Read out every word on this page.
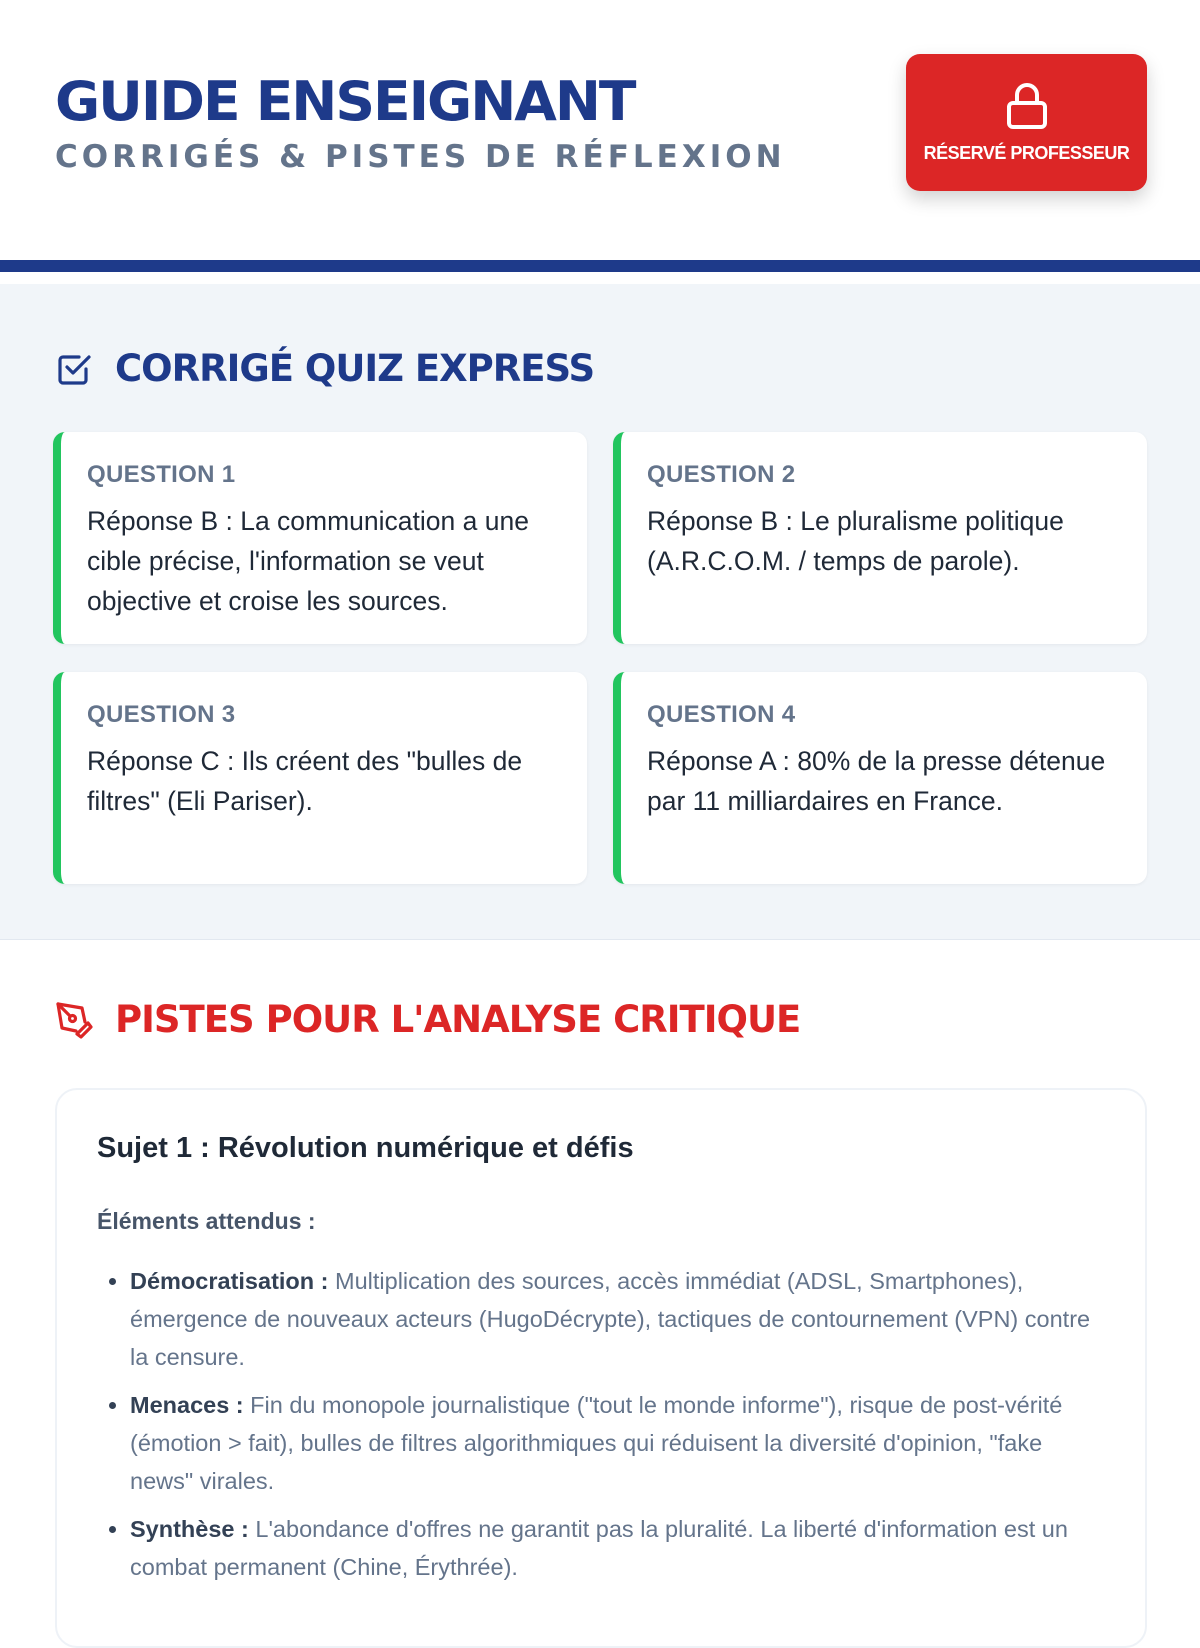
GUIDE ENSEIGNANT
CORRIGÉS & PISTES DE RÉFLEXION	RÉSERVÉ PROFESSEUR
CORRIGÉ QUIZ EXPRESS
QUESTION 1
Réponse B : La communication a une cible précise, l'information se veut objective et croise les sources.
QUESTION 2
Réponse B : Le pluralisme politique (A.R.C.O.M. / temps de parole).
QUESTION 3
Réponse C : Ils créent des "bulles de filtres" (Eli Pariser).
QUESTION 4
Réponse A : 80% de la presse détenue par 11 milliardaires en France.
PISTES POUR L'ANALYSE CRITIQUE
Sujet 1 : Révolution numérique et défis
Éléments attendus :
• Démocratisation : Multiplication des sources, accès immédiat (ADSL, Smartphones), émergence de nouveaux acteurs (HugoDécrypte), tactiques de contournement (VPN) contre la censure.
• Menaces : Fin du monopole journalistique ("tout le monde informe"), risque de post-vérité (émotion > fait), bulles de filtres algorithmiques qui réduisent la diversité d'opinion, "fake news" virales.
• Synthèse : L'abondance d'offres ne garantit pas la pluralité. La liberté d'information est un combat permanent (Chine, Érythrée).
